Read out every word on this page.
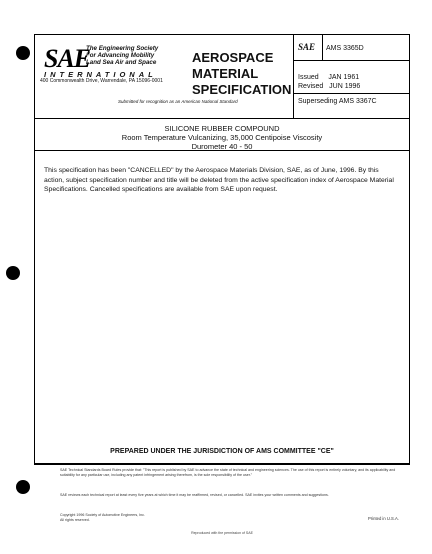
SAE
The Engineering Society
For Advancing Mobility
Land Sea Air and Space
INTERNATIONAL
400 Commonwealth Drive, Warrendale, PA 15096-0001
Submitted for recognition as an American National Standard
AEROSPACE
MATERIAL
SPECIFICATION
SAE AMS 3365D
Issued JAN 1961
Revised JUN 1996
Superseding AMS 3367C
SILICONE RUBBER COMPOUND
Room Temperature Vulcanizing, 35,000 Centipoise Viscosity
Durometer 40 - 50
This specification has been "CANCELLED" by the Aerospace Materials Division, SAE, as of June, 1996. By this action, subject specification number and title will be deleted from the active specification index of Aerospace Material Specifications. Cancelled specifications are available from SAE upon request.
PREPARED UNDER THE JURISDICTION OF AMS COMMITTEE "CE"
SAE Technical Standards Board Rules provide that: "This report is published by SAE to advance the state of technical and engineering sciences. The use of this report is entirely voluntary, and its applicability and suitability for any particular use, including any patent infringement arising therefrom, is the sole responsibility of the user."
SAE reviews each technical report at least every five years at which time it may be reaffirmed, revised, or cancelled. SAE invites your written comments and suggestions.
Copyright 1996 Society of Automotive Engineers, Inc.
All rights reserved.	Printed in U.S.A.
Reproduced with the permission of SAE
